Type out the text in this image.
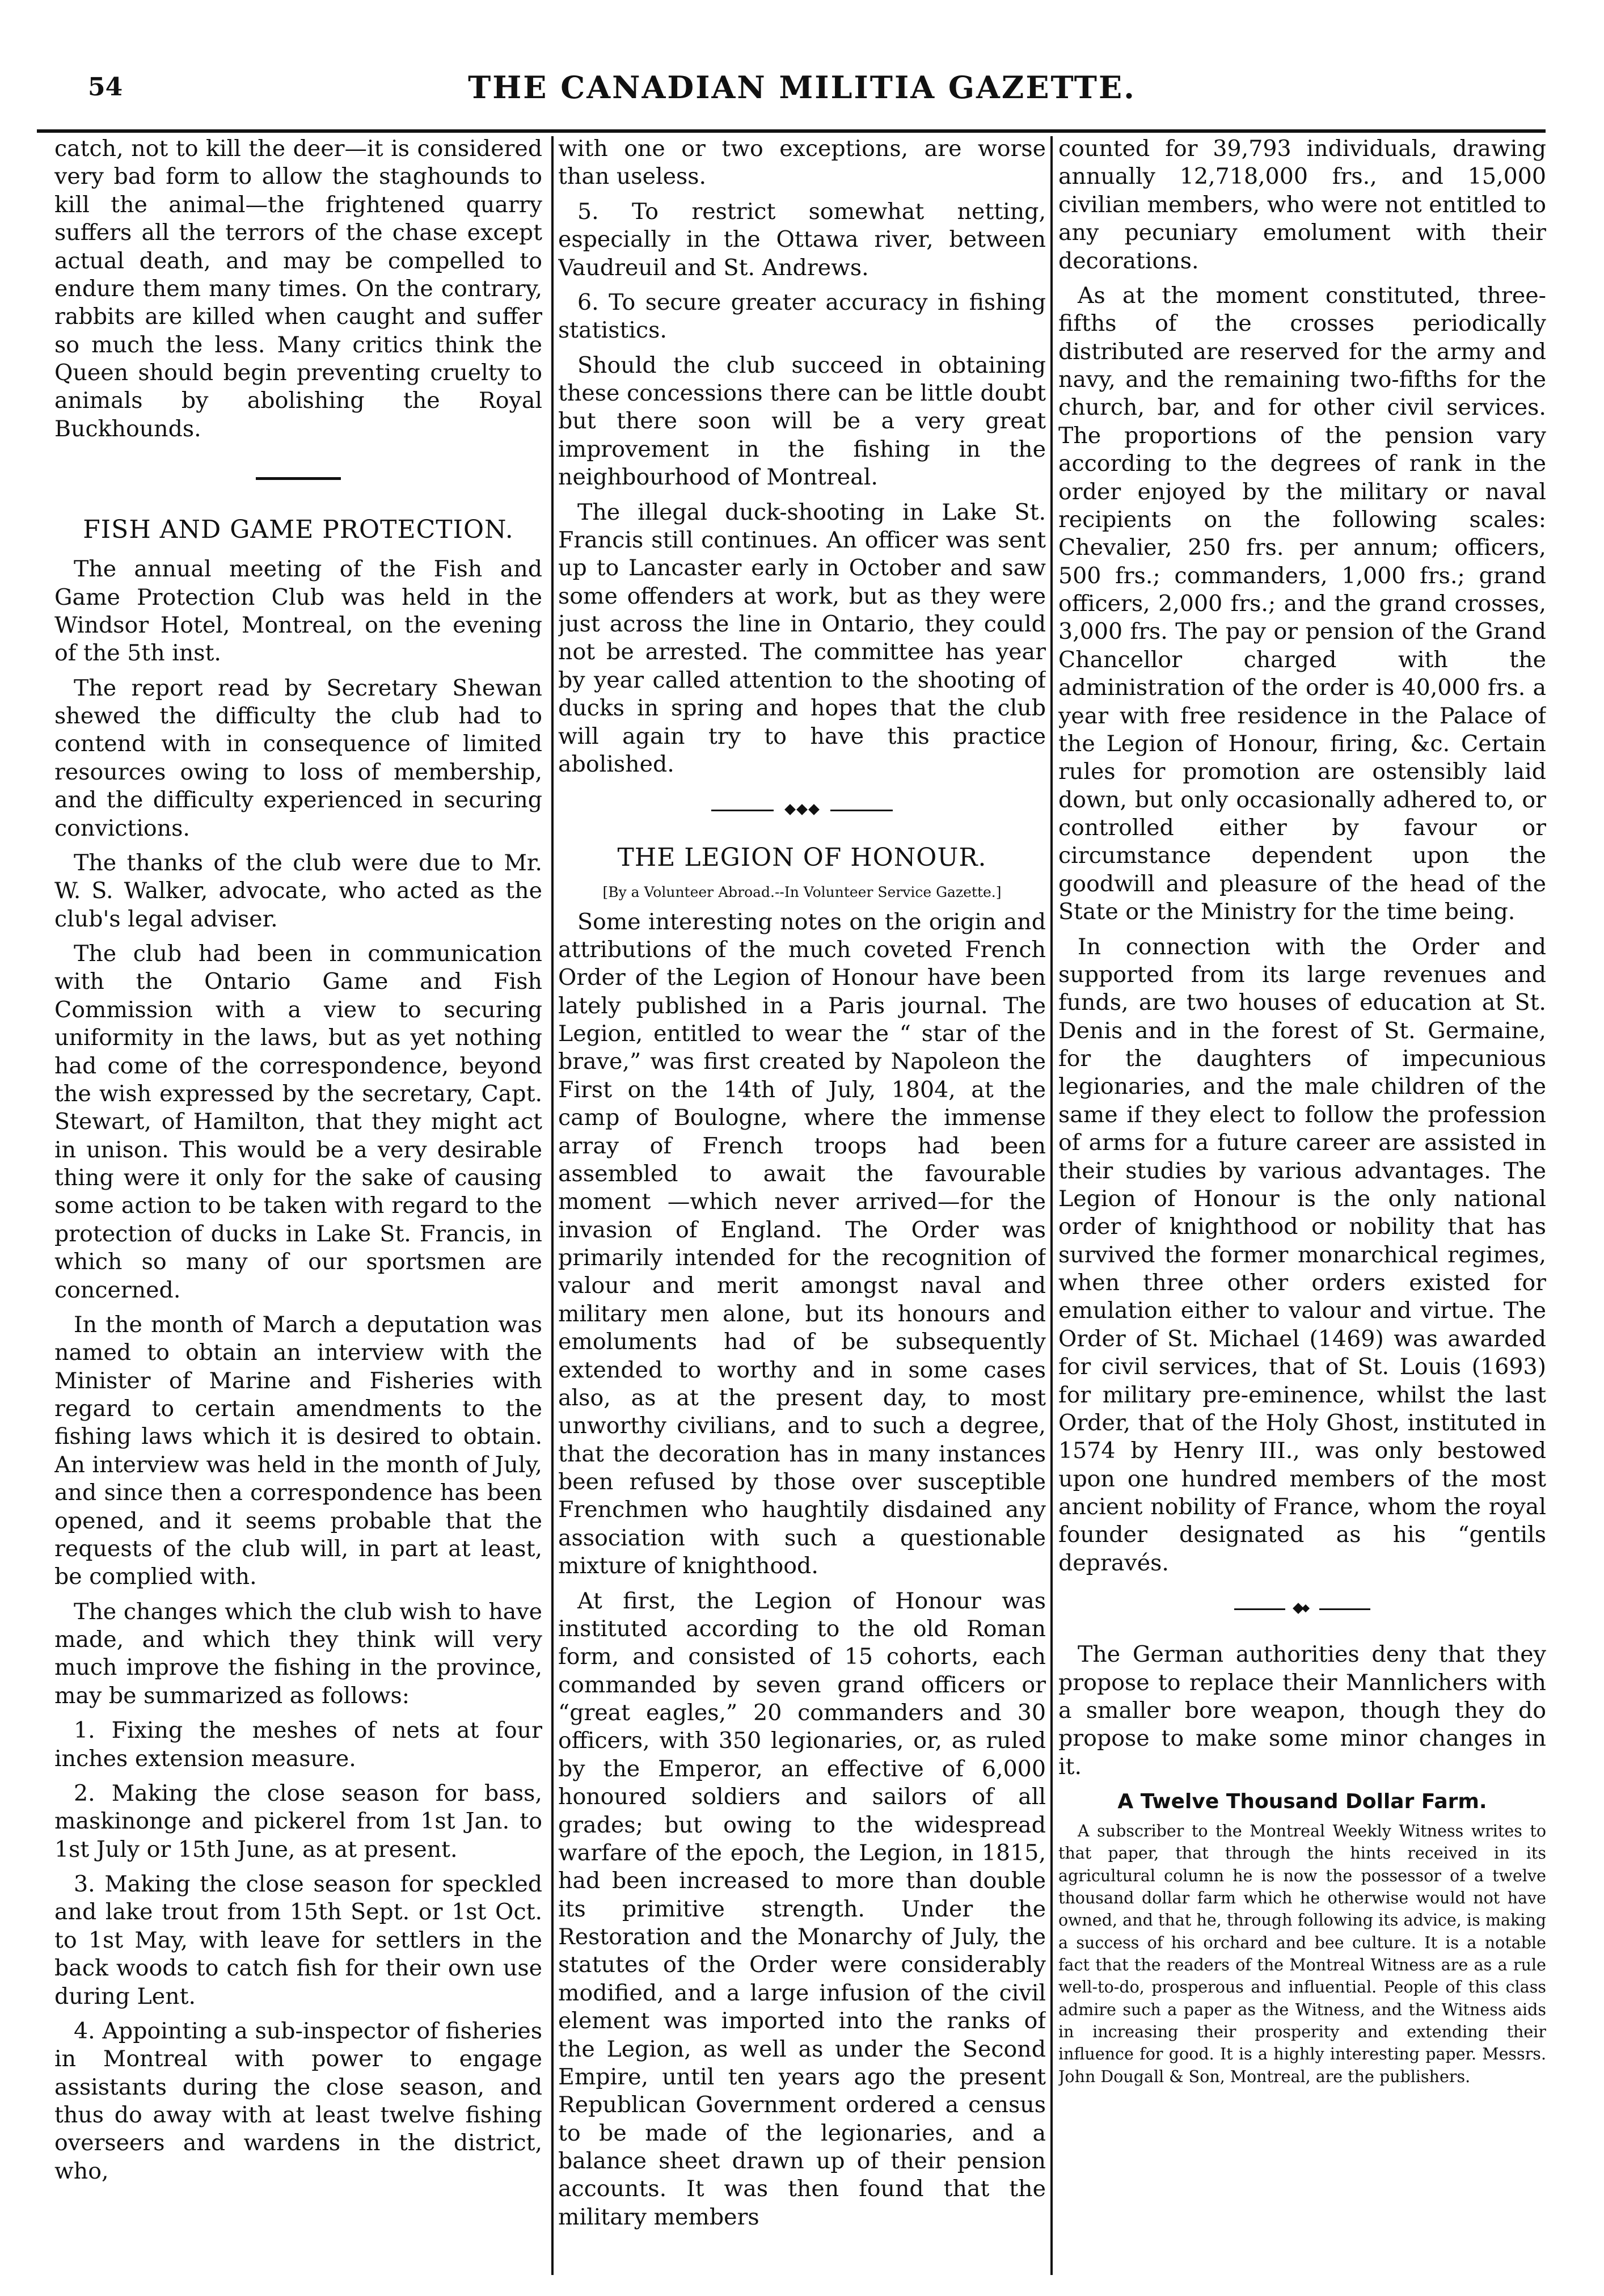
54	THE CANADIAN MILITIA GAZETTE.

catch, not to kill the deer—it is considered very bad form to allow the staghounds to kill the animal—the frightened quarry suffers all the terrors of the chase except actual death, and may be compelled to endure them many times. On the contrary, rabbits are killed when caught and suffer so much the less. Many critics think the Queen should begin preventing cruelty to animals by abolishing the Royal Buckhounds.

FISH AND GAME PROTECTION.

The annual meeting of the Fish and Game Protection Club was held in the Windsor Hotel, Montreal, on the evening of the 5th inst.

The report read by Secretary Shewan shewed the difficulty the club had to contend with in consequence of limited resources owing to loss of membership, and the difficulty experienced in securing convictions.

The thanks of the club were due to Mr. W. S. Walker, advocate, who acted as the club's legal adviser.

The club had been in communication with the Ontario Game and Fish Commission with a view to securing uniformity in the laws, but as yet nothing had come of the correspondence, beyond the wish expressed by the secretary, Capt. Stewart, of Hamilton, that they might act in unison. This would be a very desirable thing were it only for the sake of causing some action to be taken with regard to the protection of ducks in Lake St. Francis, in which so many of our sportsmen are concerned.

In the month of March a deputation was named to obtain an interview with the Minister of Marine and Fisheries with regard to certain amendments to the fishing laws which it is desired to obtain. An interview was held in the month of July, and since then a correspondence has been opened, and it seems probable that the requests of the club will, in part at least, be complied with.

The changes which the club wish to have made, and which they think will very much improve the fishing in the province, may be summarized as follows:

1. Fixing the meshes of nets at four inches extension measure.

2. Making the close season for bass, maskinonge and pickerel from 1st Jan. to 1st July or 15th June, as at present.

3. Making the close season for speckled and lake trout from 15th Sept. or 1st Oct. to 1st May, with leave for settlers in the back woods to catch fish for their own use during Lent.

4. Appointing a sub-inspector of fisheries in Montreal with power to engage assistants during the close season, and thus do away with at least twelve fishing overseers and wardens in the district, who,

with one or two exceptions, are worse than useless.

5. To restrict somewhat netting, especially in the Ottawa river, between Vaudreuil and St. Andrews.

6. To secure greater accuracy in fishing statistics.

Should the club succeed in obtaining these concessions there can be little doubt but there soon will be a very great improvement in the fishing in the neighbourhood of Montreal.

The illegal duck-shooting in Lake St. Francis still continues. An officer was sent up to Lancaster early in October and saw some offenders at work, but as they were just across the line in Ontario, they could not be arrested. The committee has year by year called attention to the shooting of ducks in spring and hopes that the club will again try to have this practice abolished.

THE LEGION OF HONOUR.
[By a Volunteer Abroad.--In Volunteer Service Gazette.]

Some interesting notes on the origin and attributions of the much coveted French Order of the Legion of Honour have been lately published in a Paris journal. The Legion, entitled to wear the “ star of the brave,” was first created by Napoleon the First on the 14th of July, 1804, at the camp of Boulogne, where the immense array of French troops had been assembled to await the favourable moment —which never arrived—for the invasion of England. The Order was primarily intended for the recognition of valour and merit amongst naval and military men alone, but its honours and emoluments had of be subsequently extended to worthy and in some cases also, as at the present day, to most unworthy civilians, and to such a degree, that the decoration has in many instances been refused by those over susceptible Frenchmen who haughtily disdained any association with such a questionable mixture of knighthood.

At first, the Legion of Honour was instituted according to the old Roman form, and consisted of 15 cohorts, each commanded by seven grand officers or “great eagles,” 20 commanders and 30 officers, with 350 legionaries, or, as ruled by the Emperor, an effective of 6,000 honoured soldiers and sailors of all grades; but owing to the widespread warfare of the epoch, the Legion, in 1815, had been increased to more than double its primitive strength. Under the Restoration and the Monarchy of July, the statutes of the Order were considerably modified, and a large infusion of the civil element was imported into the ranks of the Legion, as well as under the Second Empire, until ten years ago the present Republican Government ordered a census to be made of the legionaries, and a balance sheet drawn up of their pension accounts. It was then found that the military members

counted for 39,793 individuals, drawing annually 12,718,000 frs., and 15,000 civilian members, who were not entitled to any pecuniary emolument with their decorations.

As at the moment constituted, three-fifths of the crosses periodically distributed are reserved for the army and navy, and the remaining two-fifths for the church, bar, and for other civil services. The proportions of the pension vary according to the degrees of rank in the order enjoyed by the military or naval recipients on the following scales: Chevalier, 250 frs. per annum; officers, 500 frs.; commanders, 1,000 frs.; grand officers, 2,000 frs.; and the grand crosses, 3,000 frs. The pay or pension of the Grand Chancellor charged with the administration of the order is 40,000 frs. a year with free residence in the Palace of the Legion of Honour, firing, &c. Certain rules for promotion are ostensibly laid down, but only occasionally adhered to, or controlled either by favour or circumstance dependent upon the goodwill and pleasure of the head of the State or the Ministry for the time being.

In connection with the Order and supported from its large revenues and funds, are two houses of education at St. Denis and in the forest of St. Germaine, for the daughters of impecunious legionaries, and the male children of the same if they elect to follow the profession of arms for a future career are assisted in their studies by various advantages. The Legion of Honour is the only national order of knighthood or nobility that has survived the former monarchical regimes, when three other orders existed for emulation either to valour and virtue. The Order of St. Michael (1469) was awarded for civil services, that of St. Louis (1693) for military pre-eminence, whilst the last Order, that of the Holy Ghost, instituted in 1574 by Henry III., was only bestowed upon one hundred members of the most ancient nobility of France, whom the royal founder designated as his “gentils depravés.

The German authorities deny that they propose to replace their Mannlichers with a smaller bore weapon, though they do propose to make some minor changes in it.

A Twelve Thousand Dollar Farm.

A subscriber to the Montreal Weekly Witness writes to that paper, that through the hints received in its agricultural column he is now the possessor of a twelve thousand dollar farm which he otherwise would not have owned, and that he, through following its advice, is making a success of his orchard and bee culture. It is a notable fact that the readers of the Montreal Witness are as a rule well-to-do, prosperous and influential. People of this class admire such a paper as the Witness, and the Witness aids in increasing their prosperity and extending their influence for good. It is a highly interesting paper. Messrs. John Dougall & Son, Montreal, are the publishers.
